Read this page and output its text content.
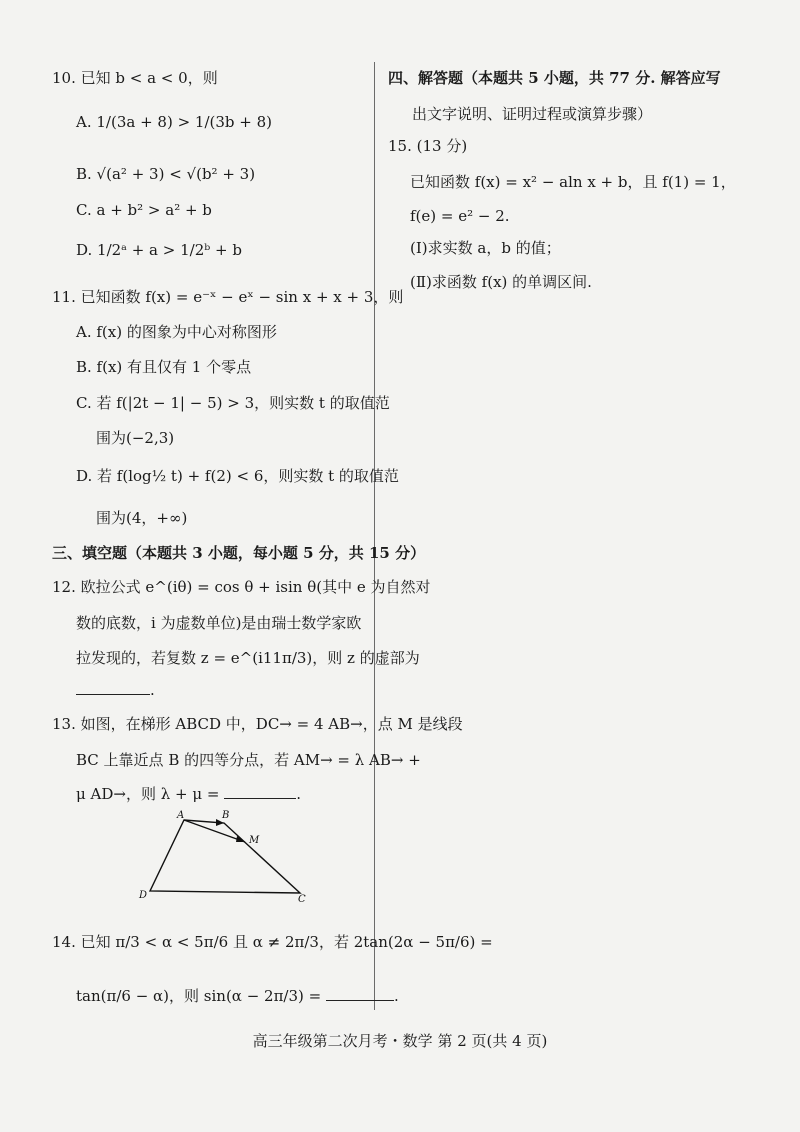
10. 已知 b < a < 0，则
A. 1/(3a + 8) > 1/(3b + 8)
B. √(a² + 3) < √(b² + 3)
C. a + b² > a² + b
D. 1/2ᵃ + a > 1/2ᵇ + b
11. 已知函数 f(x) = e⁻ˣ − eˣ − sin x + x + 3，则
A. f(x) 的图象为中心对称图形
B. f(x) 有且仅有 1 个零点
C. 若 f(|2t − 1| − 5) > 3，则实数 t 的取值范
围为(−2,3)
D. 若 f(log½ t) + f(2) < 6，则实数 t 的取值范
围为(4，+∞)
三、填空题（本题共 3 小题，每小题 5 分，共 15 分）
12. 欧拉公式 e^(iθ) = cos θ + isin θ(其中 e 为自然对
数的底数，i 为虚数单位)是由瑞士数学家欧
拉发现的，若复数 z = e^(i11π/3)，则 z 的虚部为
.
13. 如图，在梯形 ABCD 中，DC→ = 4 AB→，点 M 是线段
BC 上靠近点 B 的四等分点，若 AM→ = λ AB→ +
μ AD→，则 λ + μ =	.
A	B
M
D	C
14. 已知 π/3 < α < 5π/6 且 α ≠ 2π/3，若 2tan(2α − 5π/6) =
tan(π/6 − α)，则 sin(α − 2π/3) =	.
四、解答题（本题共 5 小题，共 77 分. 解答应写
出文字说明、证明过程或演算步骤）
15. (13 分)
已知函数 f(x) = x² − aln x + b，且 f(1) = 1，
f(e) = e² − 2.
(Ⅰ)求实数 a，b 的值；
(Ⅱ)求函数 f(x) 的单调区间.
高三年级第二次月考・数学 第 2 页(共 4 页)
